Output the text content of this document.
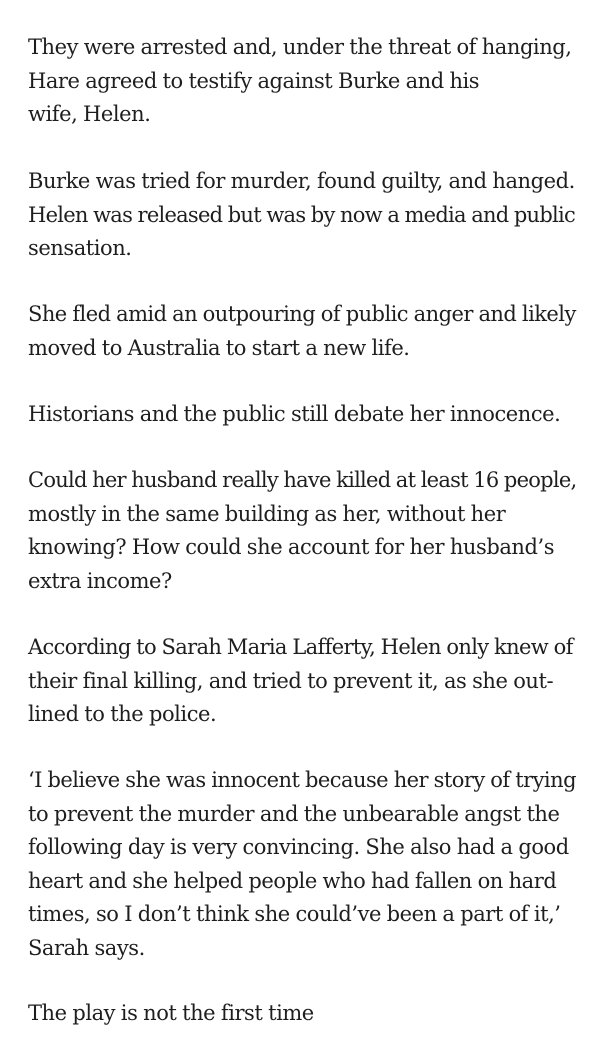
They were arrested and, under the threat of hanging,
Hare agreed to testify against Burke and his
wife, Helen.

Burke was tried for murder, found guilty, and hanged.
Helen was released but was by now a media and public
sensation.

She fled amid an outpouring of public anger and likely
moved to Australia to start a new life.

Historians and the public still debate her innocence.

Could her husband really have killed at least 16 people,
mostly in the same building as her, without her
knowing? How could she account for her husband’s
extra income?

According to Sarah Maria Lafferty, Helen only knew of
their final killing, and tried to prevent it, as she out-
lined to the police.

‘I believe she was innocent because her story of trying
to prevent the murder and the unbearable angst the
following day is very convincing. She also had a good
heart and she helped people who had fallen on hard
times, so I don’t think she could’ve been a part of it,’
Sarah says.

The play is not the first time
